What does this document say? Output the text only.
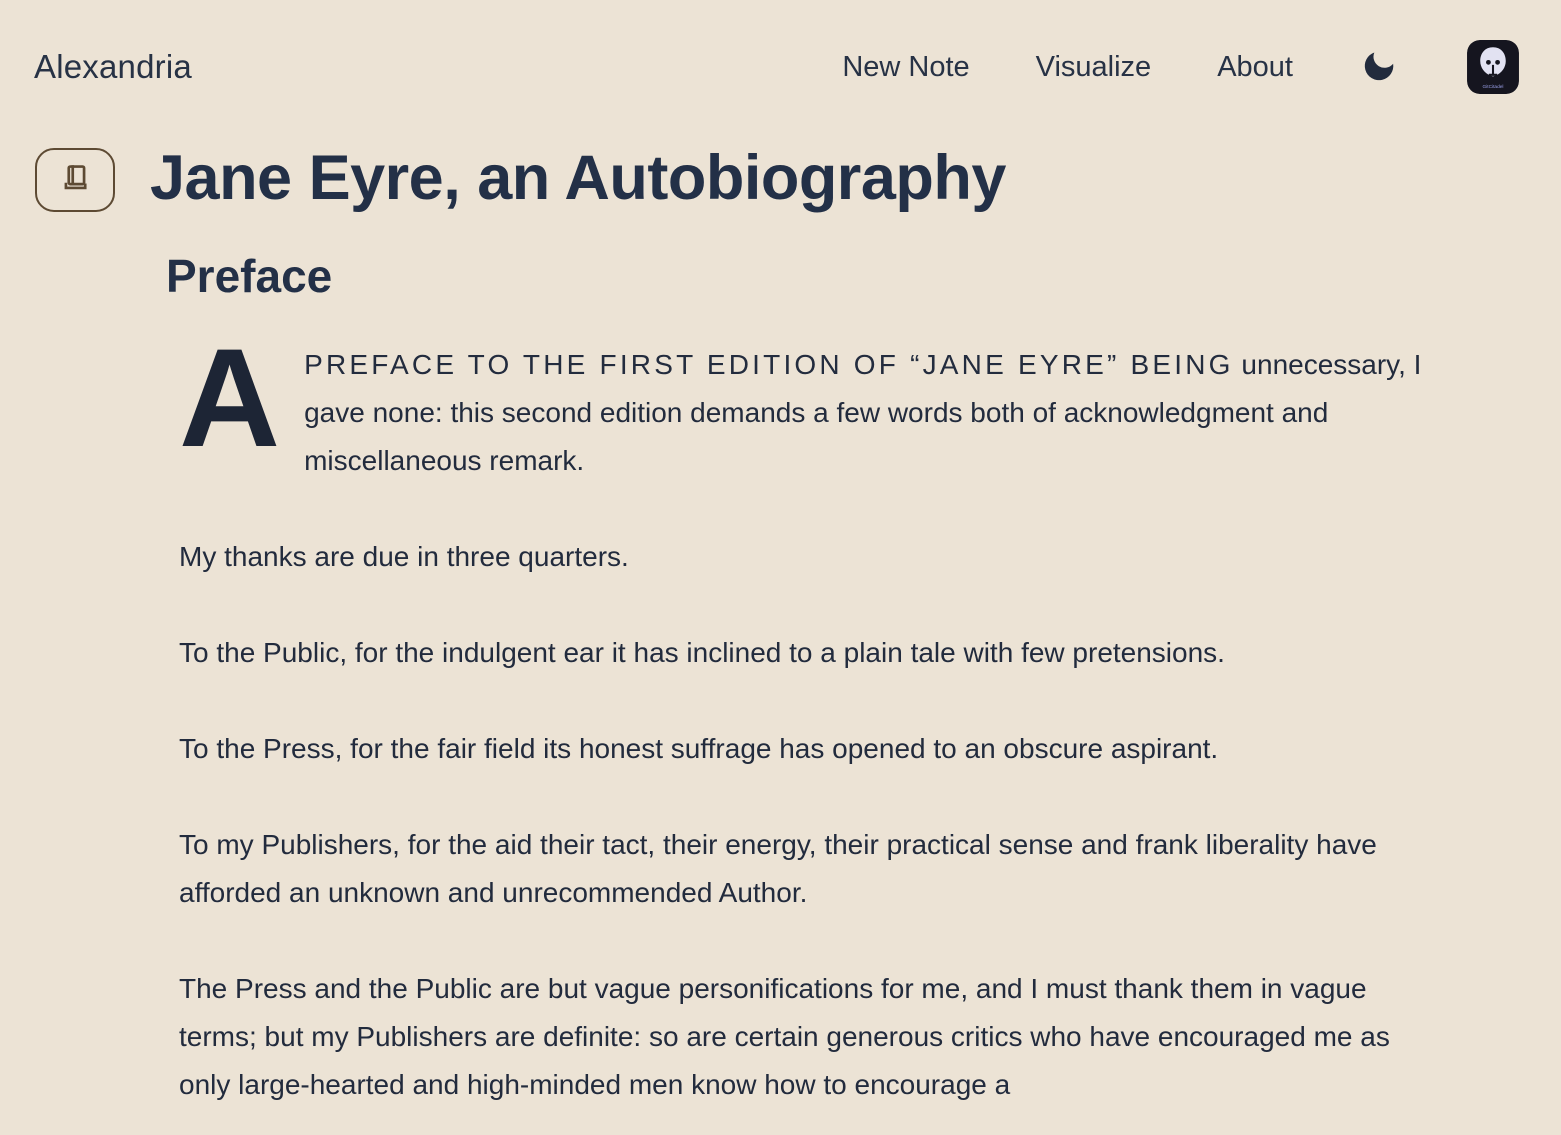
Alexandria	New Note Visualize About
GitCitadel
Jane Eyre, an Autobiography
Preface

APREFACE TO THE FIRST EDITION OF “JANE EYRE” BEING unnecessary, I gave none: this second edition demands a few words both of acknowledgment and miscellaneous remark.

My thanks are due in three quarters.

To the Public, for the indulgent ear it has inclined to a plain tale with few pretensions.

To the Press, for the fair field its honest suffrage has opened to an obscure aspirant.

To my Publishers, for the aid their tact, their energy, their practical sense and frank liberality have afforded an unknown and unrecommended Author.

The Press and the Public are but vague personifications for me, and I must thank them in vague terms; but my Publishers are definite: so are certain generous critics who have encouraged me as only large-hearted and high-minded men know how to encourage a
